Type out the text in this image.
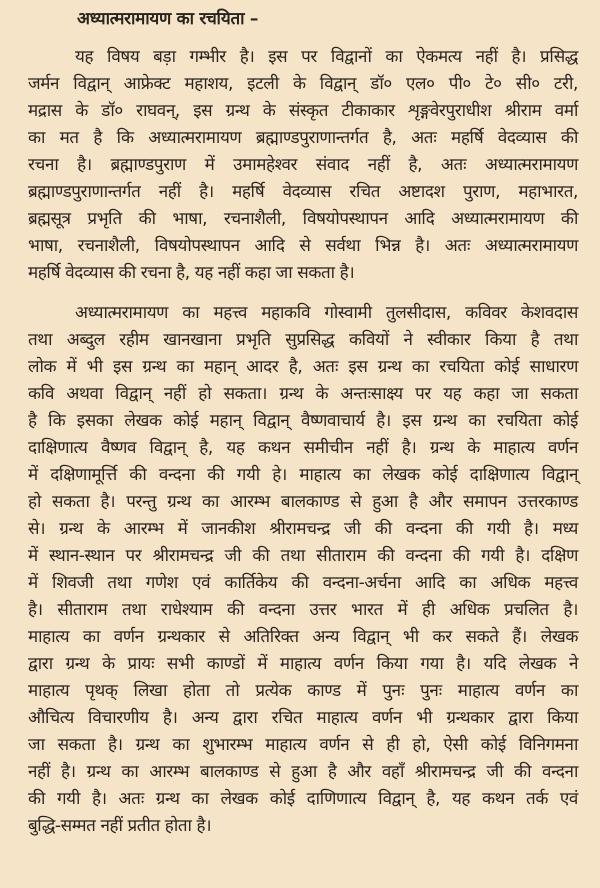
अध्यात्मरामायण का रचयिता –
यह विषय बड़ा गम्भीर है। इस पर विद्वानों का ऐकमत्य नहीं है। प्रसिद्ध
जर्मन विद्वान् आफ्रेक्ट महाशय, इटली के विद्वान् डॉ० एल० पी० टे० सी० टरी,
मद्रास के डॉ० राघवन्, इस ग्रन्थ के संस्कृत टीकाकार शृङ्गवेरपुराधीश श्रीराम वर्मा
का मत है कि अध्यात्मरामायण ब्रह्माण्डपुराणान्तर्गत है, अतः महर्षि वेदव्यास की
रचना है। ब्रह्माण्डपुराण में उमामहेश्वर संवाद नहीं है, अतः अध्यात्मरामायण
ब्रह्माण्डपुराणान्तर्गत नहीं है। महर्षि वेदव्यास रचित अष्टादश पुराण, महाभारत,
ब्रह्मसूत्र प्रभृति की भाषा, रचनाशैली, विषयोपस्थापन आदि अध्यात्मरामायण की
भाषा, रचनाशैली, विषयोपस्थापन आदि से सर्वथा भिन्न है। अतः अध्यात्मरामायण
महर्षि वेदव्यास की रचना है, यह नहीं कहा जा सकता है।
अध्यात्मरामायण का महत्त्व महाकवि गोस्वामी तुलसीदास, कविवर केशवदास
तथा अब्दुल रहीम खानखाना प्रभृति सुप्रसिद्ध कवियों ने स्वीकार किया है तथा
लोक में भी इस ग्रन्थ का महान् आदर है, अतः इस ग्रन्थ का रचयिता कोई साधारण
कवि अथवा विद्वान् नहीं हो सकता। ग्रन्थ के अन्तःसाक्ष्य पर यह कहा जा सकता
है कि इसका लेखक कोई महान् विद्वान् वैष्णवाचार्य है। इस ग्रन्थ का रचयिता कोई
दाक्षिणात्य वैष्णव विद्वान् है, यह कथन समीचीन नहीं है। ग्रन्थ के माहात्य वर्णन
में दक्षिणामूर्त्ति की वन्दना की गयी हे। माहात्य का लेखक कोई दाक्षिणात्य विद्वान्
हो सकता है। परन्तु ग्रन्थ का आरम्भ बालकाण्ड से हुआ है और समापन उत्तरकाण्ड
से। ग्रन्थ के आरम्भ में जानकीश श्रीरामचन्द्र जी की वन्दना की गयी है। मध्य
में स्थान-स्थान पर श्रीरामचन्द्र जी की तथा सीताराम की वन्दना की गयी है। दक्षिण
में शिवजी तथा गणेश एवं कार्तिकेय की वन्दना-अर्चना आदि का अधिक महत्त्व
है। सीताराम तथा राधेश्याम की वन्दना उत्तर भारत में ही अधिक प्रचलित है।
माहात्य का वर्णन ग्रन्थकार से अतिरिक्त अन्य विद्वान् भी कर सकते हैं। लेखक
द्वारा ग्रन्थ के प्रायः सभी काण्डों में माहात्य वर्णन किया गया है। यदि लेखक ने
माहात्य पृथक् लिखा होता तो प्रत्येक काण्ड में पुनः पुनः माहात्य वर्णन का
औचित्य विचारणीय है। अन्य द्वारा रचित माहात्य वर्णन भी ग्रन्थकार द्वारा किया
जा सकता है। ग्रन्थ का शुभारम्भ माहात्य वर्णन से ही हो, ऐसी कोई विनिगमना
नहीं है। ग्रन्थ का आरम्भ बालकाण्ड से हुआ है और वहाँ श्रीरामचन्द्र जी की वन्दना
की गयी है। अतः ग्रन्थ का लेखक कोई दाणिणात्य विद्वान् है, यह कथन तर्क एवं
बुद्धि-सम्मत नहीं प्रतीत होता है।
